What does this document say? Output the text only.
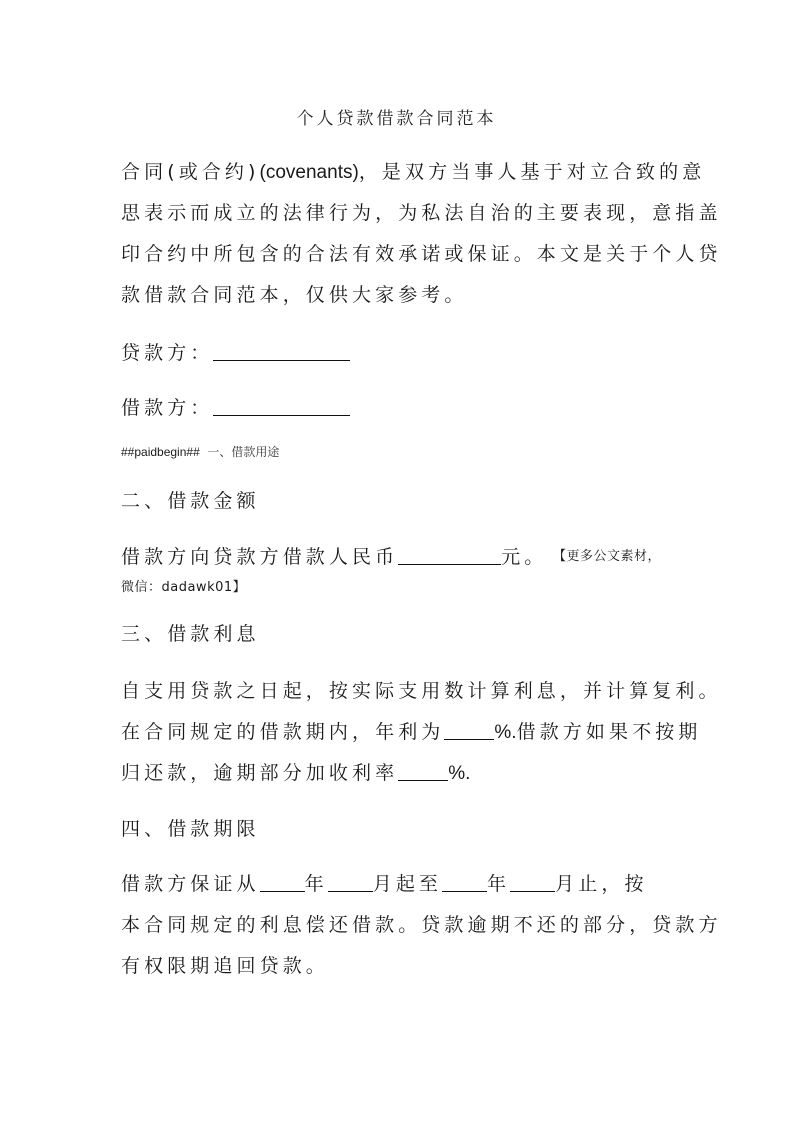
个人贷款借款合同范本
合同(或合约)(covenants)，是双方当事人基于对立合致的意
思表示而成立的法律行为，为私法自治的主要表现，意指盖
印合约中所包含的合法有效承诺或保证。本文是关于个人贷
款借款合同范本，仅供大家参考。
贷款方：
借款方：
##paidbegin## 一、借款用途
二、借款金额
借款方向贷款方借款人民币	元。 【更多公文素材，
微信：dadawk01】
三、借款利息
自支用贷款之日起，按实际支用数计算利息，并计算复利。
在合同规定的借款期内，年利为	%.借款方如果不按期
归还款，逾期部分加收利率	%.
四、借款期限
借款方保证从 年 月起至 年 月止，按
本合同规定的利息偿还借款。贷款逾期不还的部分，贷款方
有权限期追回贷款。
